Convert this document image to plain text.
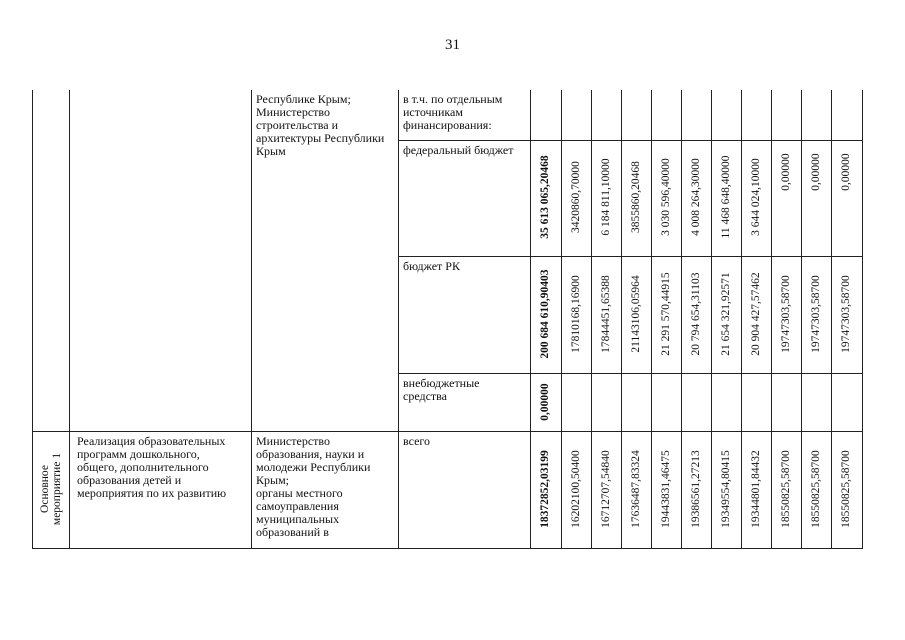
31
Республике Крым;
Министерство
строительства и
архитектуры Республики
Крым
в т.ч. по отдельным
источникам
финансирования:
федеральный бюджет
35 613 065,20468 3420860,70000 6 184 811,10000 3855860,20468 3 030 596,40000 4 008 264,30000 11 468 648,40000 3 644 024,10000 0,00000 0,00000 0,00000
бюджет РК
200 684 610,90403 17810168,16900 17844451,65388 21143106,05964 21 291 570,44915 20 794 654,31103 21 654 321,92571 20 904 427,57462 19747303,58700 19747303,58700 19747303,58700
внебюджетные средства	0,00000
Основное мероприятие 1
Реализация образовательных
программ дошкольного,
общего, дополнительного
образования детей и
мероприятия по их развитию
Министерство
образования, науки и
молодежи Республики
Крым;
органы местного
самоуправления
муниципальных
образований в
всего
18372852,03199 16202100,50400 16712707,54840 17636487,83324 19443831,46475 19386561,27213 19349554,80415 19344801,84432 18550825,58700 18550825,58700 18550825,58700
